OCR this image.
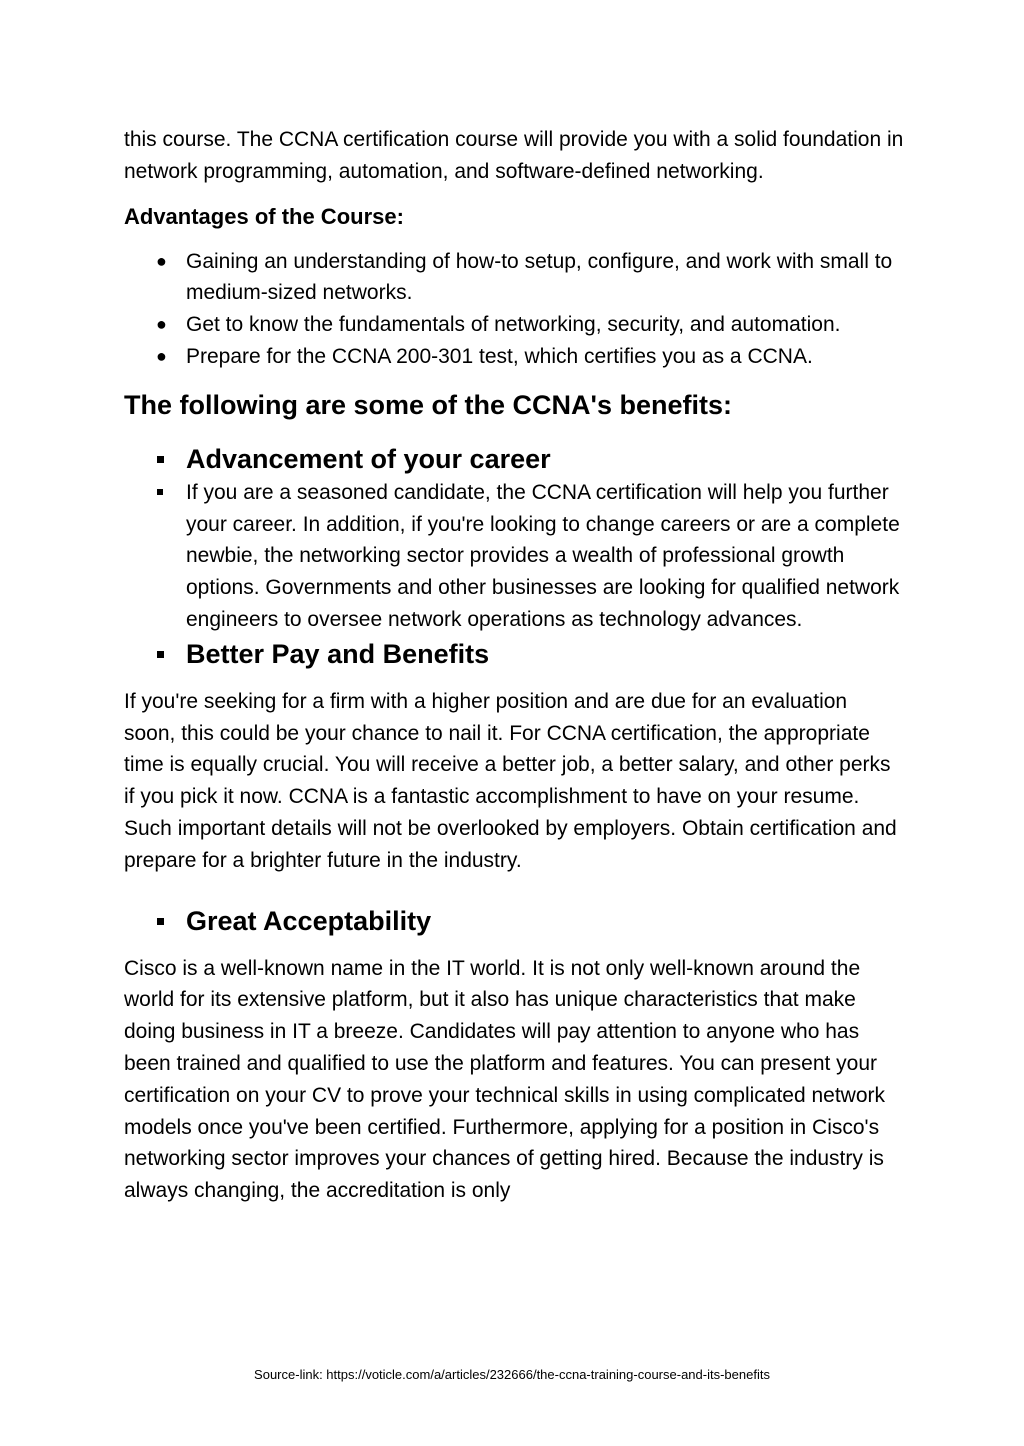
this course. The CCNA certification course will provide you with a solid foundation in network programming, automation, and software-defined networking.

Advantages of the Course:
● Gaining an understanding of how-to setup, configure, and work with small to medium-sized networks.
● Get to know the fundamentals of networking, security, and automation.
● Prepare for the CCNA 200-301 test, which certifies you as a CCNA.
The following are some of the CCNA's benefits:
Advancement of your career

If you are a seasoned candidate, the CCNA certification will help you further your career. In addition, if you're looking to change careers or are a complete newbie, the networking sector provides a wealth of professional growth options. Governments and other businesses are looking for qualified network engineers to oversee network operations as technology advances.

Better Pay and Benefits

If you're seeking for a firm with a higher position and are due for an evaluation soon, this could be your chance to nail it. For CCNA certification, the appropriate time is equally crucial. You will receive a better job, a better salary, and other perks if you pick it now. CCNA is a fantastic accomplishment to have on your resume. Such important details will not be overlooked by employers. Obtain certification and prepare for a brighter future in the industry.

Great Acceptability

Cisco is a well-known name in the IT world. It is not only well-known around the world for its extensive platform, but it also has unique characteristics that make doing business in IT a breeze. Candidates will pay attention to anyone who has been trained and qualified to use the platform and features. You can present your certification on your CV to prove your technical skills in using complicated network models once you've been certified. Furthermore, applying for a position in Cisco's networking sector improves your chances of getting hired. Because the industry is always changing, the accreditation is only

Source-link: https://voticle.com/a/articles/232666/the-ccna-training-course-and-its-benefits
